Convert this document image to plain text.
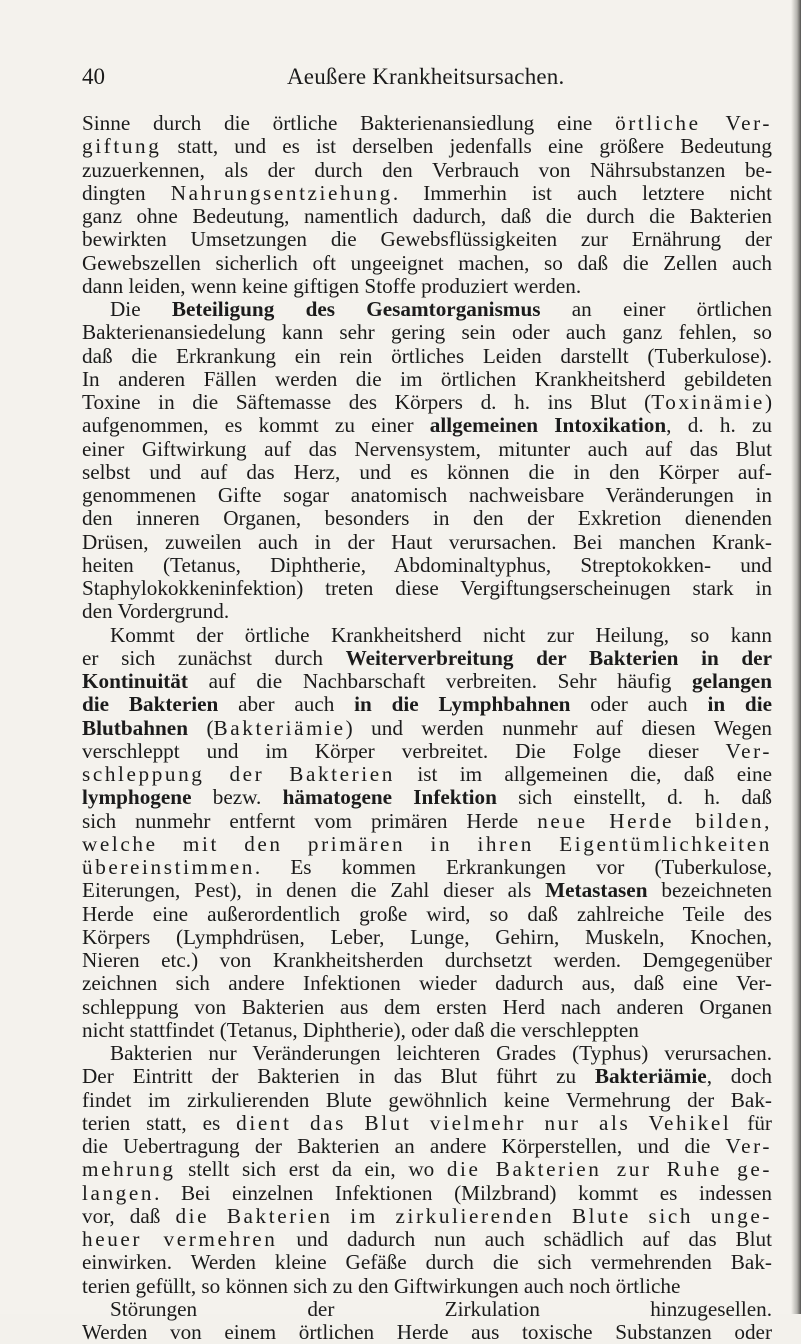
40	Aeußere Krankheitsursachen.
Sinne durch die örtliche Bakterienansiedlung eine örtliche Ver-
giftung statt, und es ist derselben jedenfalls eine größere Bedeutung
zuzuerkennen, als der durch den Verbrauch von Nährsubstanzen be-
dingten Nahrungsentziehung. Immerhin ist auch letztere nicht
ganz ohne Bedeutung, namentlich dadurch, daß die durch die Bakterien
bewirkten Umsetzungen die Gewebsflüssigkeiten zur Ernährung der
Gewebszellen sicherlich oft ungeeignet machen, so daß die Zellen auch
dann leiden, wenn keine giftigen Stoffe produziert werden.
Die Beteiligung des Gesamtorganismus an einer örtlichen
Bakterienansiedelung kann sehr gering sein oder auch ganz fehlen, so
daß die Erkrankung ein rein örtliches Leiden darstellt (Tuberkulose).
In anderen Fällen werden die im örtlichen Krankheitsherd gebildeten
Toxine in die Säftemasse des Körpers d. h. ins Blut (Toxinämie)
aufgenommen, es kommt zu einer allgemeinen Intoxikation, d. h. zu
einer Giftwirkung auf das Nervensystem, mitunter auch auf das Blut
selbst und auf das Herz, und es können die in den Körper auf-
genommenen Gifte sogar anatomisch nachweisbare Veränderungen in
den inneren Organen, besonders in den der Exkretion dienenden
Drüsen, zuweilen auch in der Haut verursachen. Bei manchen Krank-
heiten (Tetanus, Diphtherie, Abdominaltyphus, Streptokokken- und
Staphylokokkeninfektion) treten diese Vergiftungserscheinugen stark in
den Vordergrund.
Kommt der örtliche Krankheitsherd nicht zur Heilung, so kann
er sich zunächst durch Weiterverbreitung der Bakterien in der
Kontinuität auf die Nachbarschaft verbreiten. Sehr häufig gelangen
die Bakterien aber auch in die Lymphbahnen oder auch in die
Blutbahnen (Bakteriämie) und werden nunmehr auf diesen Wegen
verschleppt und im Körper verbreitet. Die Folge dieser Ver-
schleppung der Bakterien ist im allgemeinen die, daß eine
lymphogene bezw. hämatogene Infektion sich einstellt, d. h. daß
sich nunmehr entfernt vom primären Herde neue Herde bilden,
welche mit den primären in ihren Eigentümlichkeiten
übereinstimmen. Es kommen Erkrankungen vor (Tuberkulose,
Eiterungen, Pest), in denen die Zahl dieser als Metastasen bezeichneten
Herde eine außerordentlich große wird, so daß zahlreiche Teile des
Körpers (Lymphdrüsen, Leber, Lunge, Gehirn, Muskeln, Knochen,
Nieren etc.) von Krankheitsherden durchsetzt werden. Demgegenüber
zeichnen sich andere Infektionen wieder dadurch aus, daß eine Ver-
schleppung von Bakterien aus dem ersten Herd nach anderen Organen
nicht stattfindet (Tetanus, Diphtherie), oder daß die verschleppten
Bakterien nur Veränderungen leichteren Grades (Typhus) verursachen.
Der Eintritt der Bakterien in das Blut führt zu Bakteriämie, doch
findet im zirkulierenden Blute gewöhnlich keine Vermehrung der Bak-
terien statt, es dient das Blut vielmehr nur als Vehikel für
die Uebertragung der Bakterien an andere Körperstellen, und die Ver-
mehrung stellt sich erst da ein, wo die Bakterien zur Ruhe ge-
langen. Bei einzelnen Infektionen (Milzbrand) kommt es indessen
vor, daß die Bakterien im zirkulierenden Blute sich unge-
heuer vermehren und dadurch nun auch schädlich auf das Blut
einwirken. Werden kleine Gefäße durch die sich vermehrenden Bak-
terien gefüllt, so können sich zu den Giftwirkungen auch noch örtliche
Störungen der Zirkulation hinzugesellen.
Werden von einem örtlichen Herde aus toxische Substanzen oder
